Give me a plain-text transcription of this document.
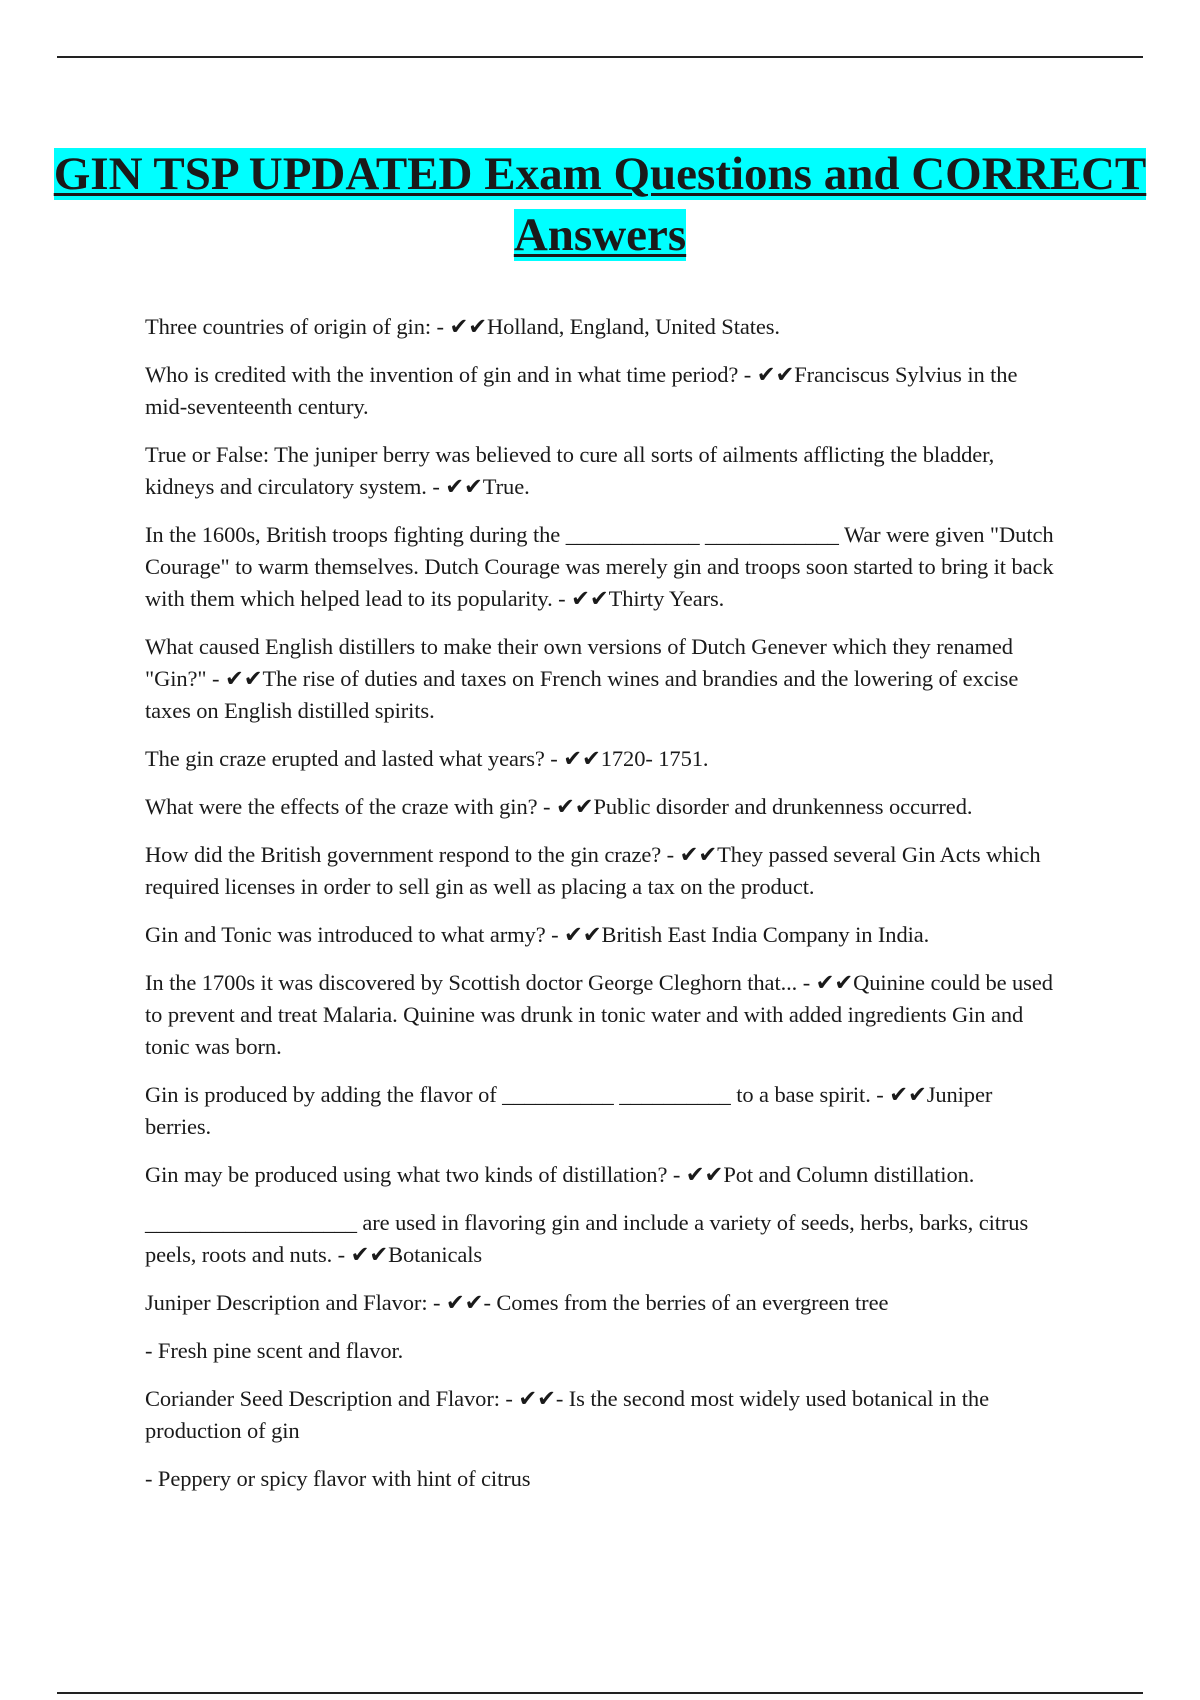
GIN TSP UPDATED Exam Questions and CORRECT Answers

Three countries of origin of gin: - ✔✔Holland, England, United States.

Who is credited with the invention of gin and in what time period? - ✔✔Franciscus Sylvius in the mid-seventeenth century.

True or False: The juniper berry was believed to cure all sorts of ailments afflicting the bladder, kidneys and circulatory system. - ✔✔True.

In the 1600s, British troops fighting during the ____________ ____________ War were given "Dutch Courage" to warm themselves. Dutch Courage was merely gin and troops soon started to bring it back with them which helped lead to its popularity. - ✔✔Thirty Years.

What caused English distillers to make their own versions of Dutch Genever which they renamed "Gin?" - ✔✔The rise of duties and taxes on French wines and brandies and the lowering of excise taxes on English distilled spirits.

The gin craze erupted and lasted what years? - ✔✔1720- 1751.

What were the effects of the craze with gin? - ✔✔Public disorder and drunkenness occurred.

How did the British government respond to the gin craze? - ✔✔They passed several Gin Acts which required licenses in order to sell gin as well as placing a tax on the product.

Gin and Tonic was introduced to what army? - ✔✔British East India Company in India.

In the 1700s it was discovered by Scottish doctor George Cleghorn that... - ✔✔Quinine could be used to prevent and treat Malaria. Quinine was drunk in tonic water and with added ingredients Gin and tonic was born.

Gin is produced by adding the flavor of __________ __________ to a base spirit. - ✔✔Juniper berries.

Gin may be produced using what two kinds of distillation? - ✔✔Pot and Column distillation.

___________________ are used in flavoring gin and include a variety of seeds, herbs, barks, citrus peels, roots and nuts. - ✔✔Botanicals

Juniper Description and Flavor: - ✔✔- Comes from the berries of an evergreen tree

- Fresh pine scent and flavor.

Coriander Seed Description and Flavor: - ✔✔- Is the second most widely used botanical in the production of gin

- Peppery or spicy flavor with hint of citrus
